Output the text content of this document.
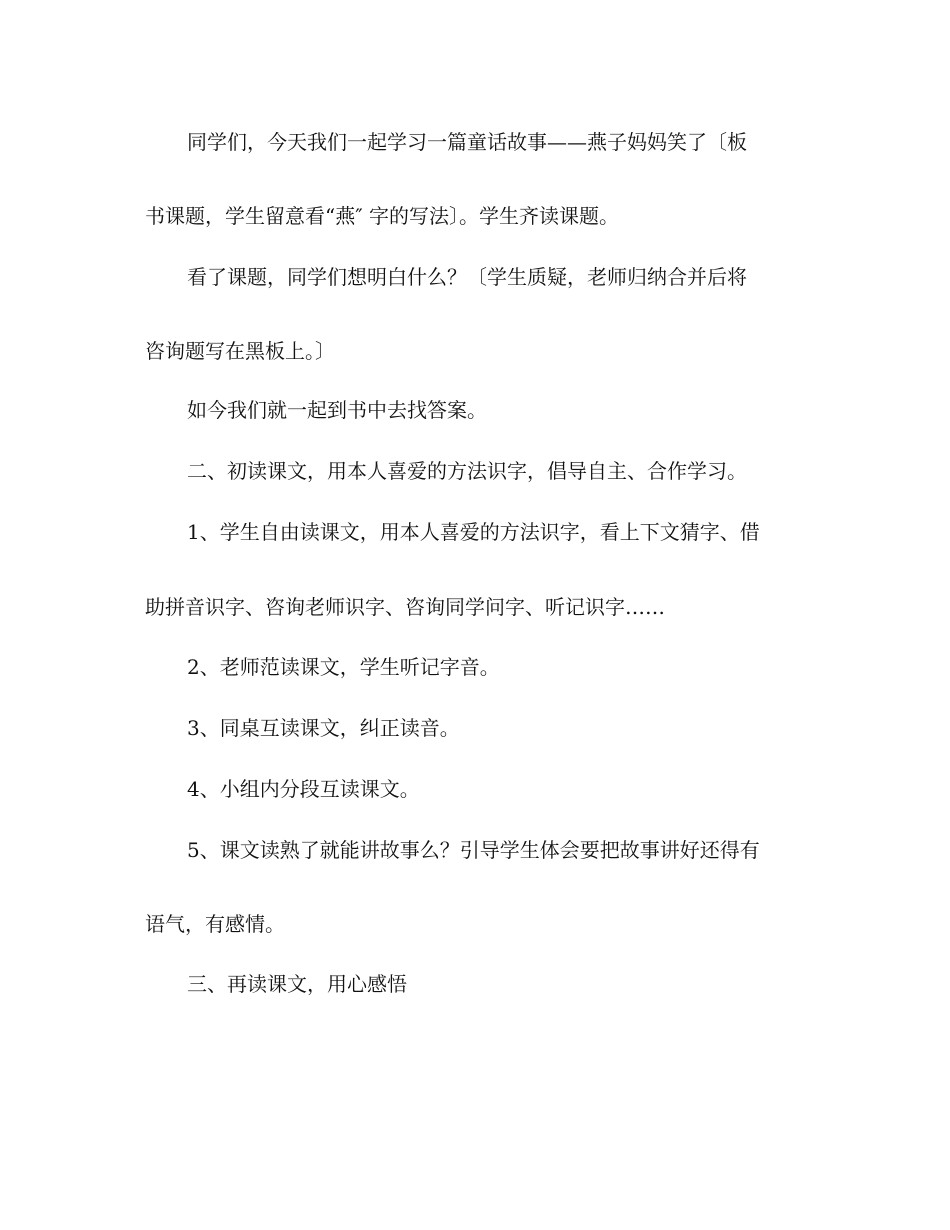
同学们，今天我们一起学习一篇童话故事——燕子妈妈笑了〔板
书课题，学生留意看“燕″ 字的写法〕。学生齐读课题。
看了课题，同学们想明白什么？〔学生质疑，老师归纳合并后将
咨询题写在黑板上。〕
如今我们就一起到书中去找答案。
二、初读课文，用本人喜爱的方法识字，倡导自主、合作学习。
1、学生自由读课文，用本人喜爱的方法识字，看上下文猜字、借
助拼音识字、咨询老师识字、咨询同学问字、听记识字……
2、老师范读课文，学生听记字音。
3、同桌互读课文，纠正读音。
4、小组内分段互读课文。
5、课文读熟了就能讲故事么？引导学生体会要把故事讲好还得有
语气，有感情。
三、再读课文，用心感悟
